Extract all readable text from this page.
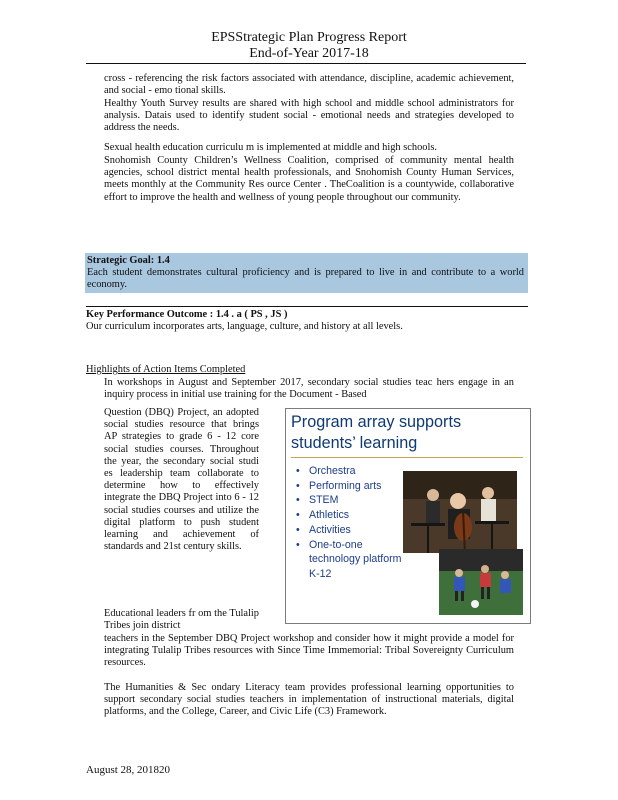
EPSStrategic Plan Progress Report
End-of-Year 2017-18
cross - referencing the risk factors associated with attendance, discipline, academic achievement, and social - emo tional skills.
Healthy Youth Survey results are shared with high school and middle school administrators for analysis. Datais used to identify student social - emotional needs and strategies developed to address the needs.
Sexual health education curriculu m is implemented at middle and high schools.
Snohomish County Children’s Wellness Coalition, comprised of community mental health agencies, school district mental health professionals, and Snohomish County Human Services, meets monthly at the Community Res ource Center . TheCoalition is a countywide, collaborative effort to improve the health and wellness of young people throughout our community.
Strategic Goal: 1.4
Each student demonstrates cultural proficiency and is prepared to live in and contribute to a world economy.
Key Performance Outcome : 1.4 . a ( PS , JS )
Our curriculum incorporates arts, language, culture, and history at all levels.
Highlights of Action Items Completed
In workshops in August and September 2017, secondary social studies teac hers engage in an inquiry process in initial use training for the Document - Based
Question (DBQ) Project, an adopted social studies resource that brings AP strategies to grade 6 - 12 core social studies courses. Throughout the year, the secondary social studi es leadership team collaborate to determine how to effectively integrate the DBQ Project into 6 - 12 social studies courses and utilize the digital platform to push student learning and achievement of standards and 21st century skills.
Educational leaders fr om the Tulalip Tribes join district
teachers in the September DBQ Project workshop and consider how it might provide a model for integrating Tulalip Tribes resources with Since Time Immemorial: Tribal Sovereignty Curriculum resources.
The Humanities & Sec ondary Literacy team provides professional learning opportunities to support secondary social studies teachers in implementation of instructional materials, digital platforms, and the College, Career, and Civic Life (C3) Framework.
Program array supports students’ learning
• Orchestra
• Performing arts
• STEM
• Athletics
• Activities
• One-to-one technology platform K-12
August 28, 201820
